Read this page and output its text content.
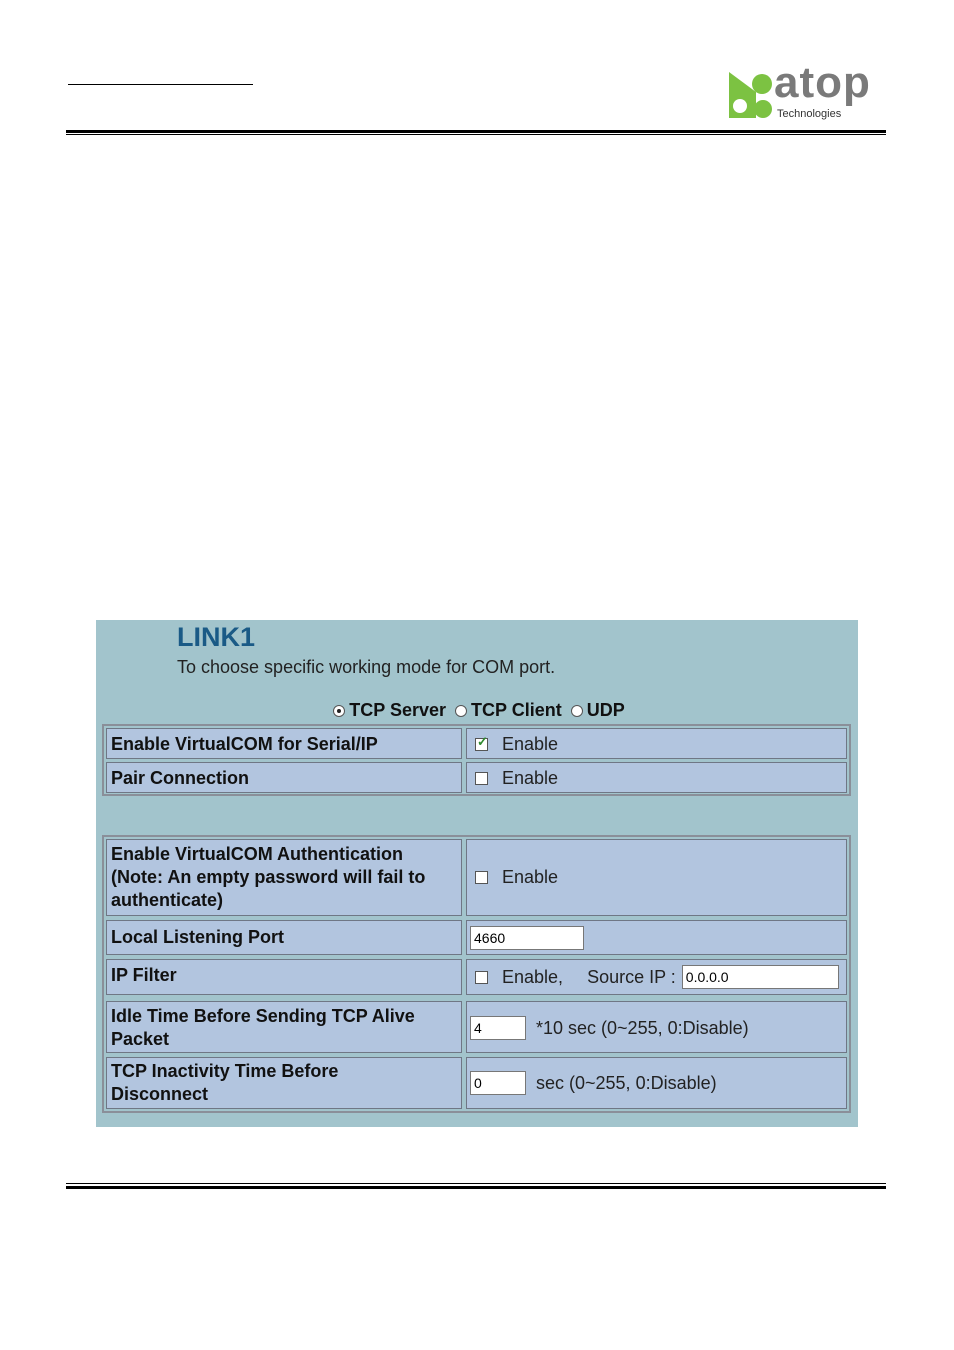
atop
Technologies
LINK1
To choose specific working mode for COM port.
TCP Server
TCP Client
UDP
Enable VirtualCOM for Serial/IP
✓	Enable
Pair Connection	Enable
Enable VirtualCOM Authentication
(Note: An empty password will fail to
authenticate)
Enable
Local Listening Port	4660
IP Filter	Enable, Source IP : 0.0.0.0
Idle Time Before Sending TCP Alive
Packet
4	*10 sec (0~255, 0:Disable)
TCP Inactivity Time Before
Disconnect
0	sec (0~255, 0:Disable)
